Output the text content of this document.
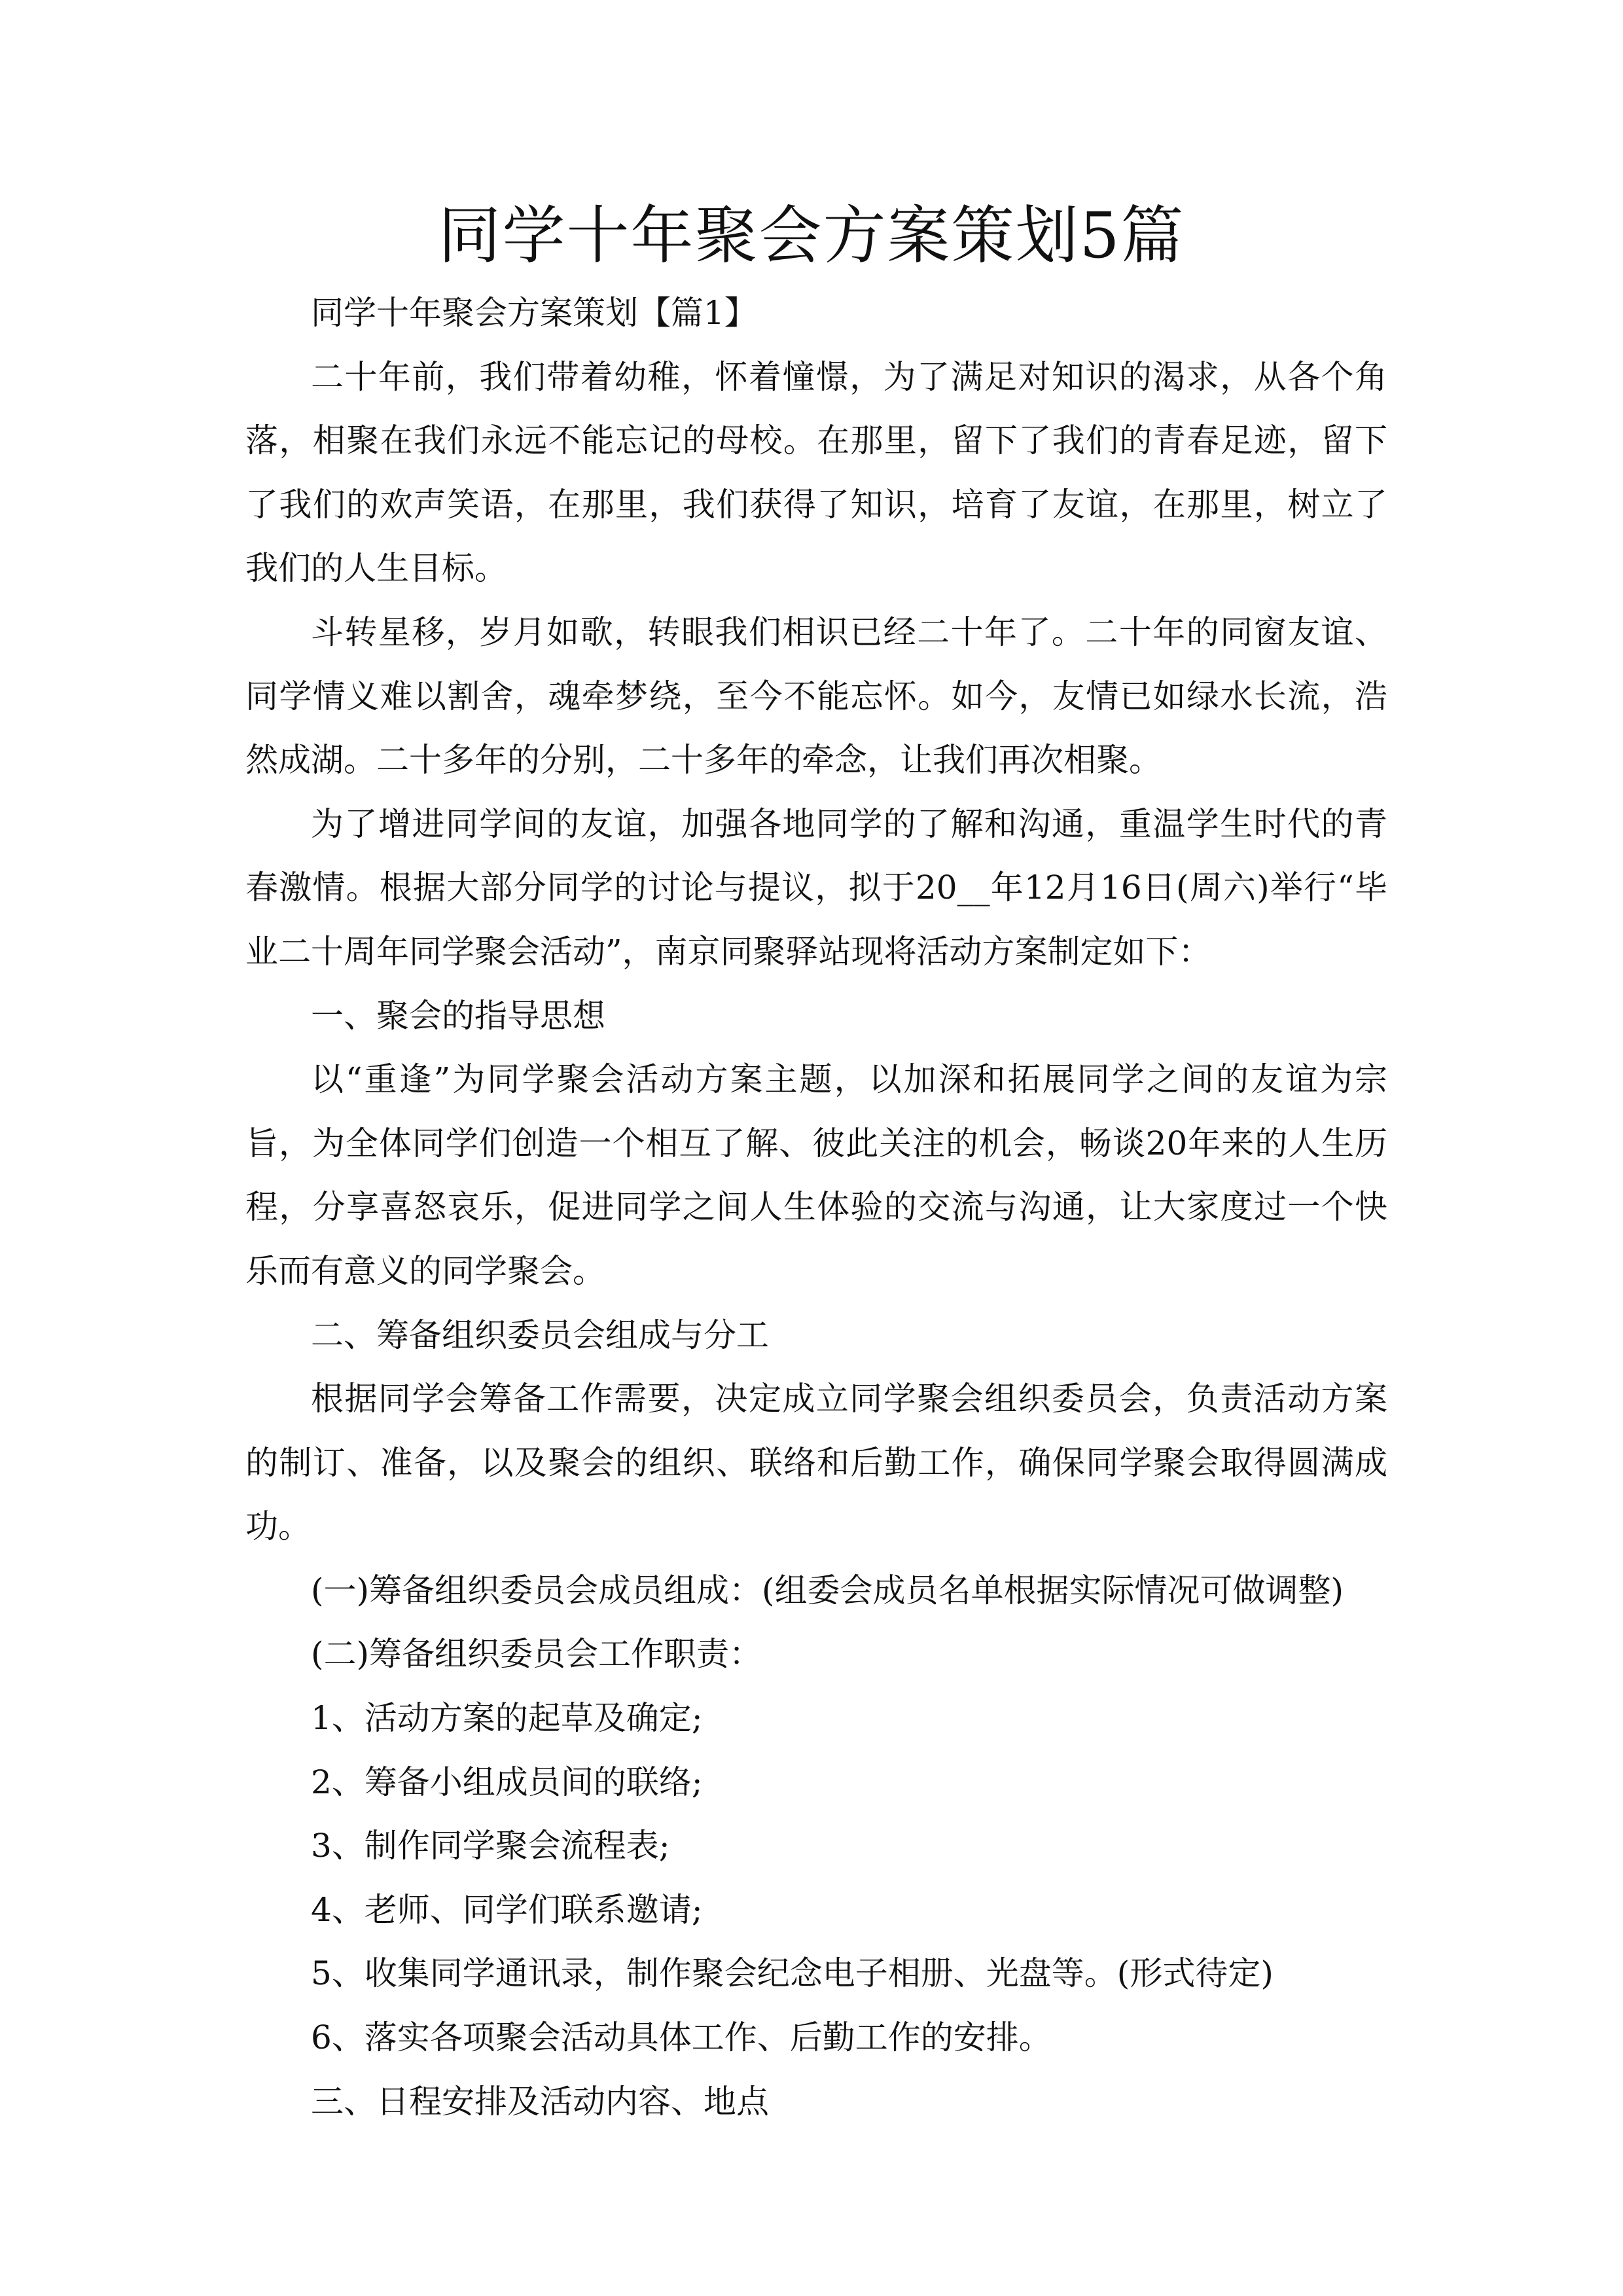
同学十年聚会方案策划5篇

同学十年聚会方案策划【篇1】

二十年前，我们带着幼稚，怀着憧憬，为了满足对知识的渴求，从各个角落，相聚在我们永远不能忘记的母校。在那里，留下了我们的青春足迹，留下了我们的欢声笑语，在那里，我们获得了知识，培育了友谊，在那里，树立了我们的人生目标。

斗转星移，岁月如歌，转眼我们相识已经二十年了。二十年的同窗友谊、同学情义难以割舍，魂牵梦绕，至今不能忘怀。如今，友情已如绿水长流，浩然成湖。二十多年的分别，二十多年的牵念，让我们再次相聚。

为了增进同学间的友谊，加强各地同学的了解和沟通，重温学生时代的青春激情。根据大部分同学的讨论与提议，拟于20__年12月16日(周六)举行“毕业二十周年同学聚会活动”，南京同聚驿站现将活动方案制定如下：

一、聚会的指导思想

以“重逢”为同学聚会活动方案主题，以加深和拓展同学之间的友谊为宗旨，为全体同学们创造一个相互了解、彼此关注的机会，畅谈20年来的人生历程，分享喜怒哀乐，促进同学之间人生体验的交流与沟通，让大家度过一个快乐而有意义的同学聚会。

二、筹备组织委员会组成与分工

根据同学会筹备工作需要，决定成立同学聚会组织委员会，负责活动方案的制订、准备，以及聚会的组织、联络和后勤工作，确保同学聚会取得圆满成功。

(一)筹备组织委员会成员组成：(组委会成员名单根据实际情况可做调整)

(二)筹备组织委员会工作职责：

1、活动方案的起草及确定;

2、筹备小组成员间的联络;

3、制作同学聚会流程表;

4、老师、同学们联系邀请;

5、收集同学通讯录，制作聚会纪念电子相册、光盘等。(形式待定)

6、落实各项聚会活动具体工作、后勤工作的安排。

三、日程安排及活动内容、地点
